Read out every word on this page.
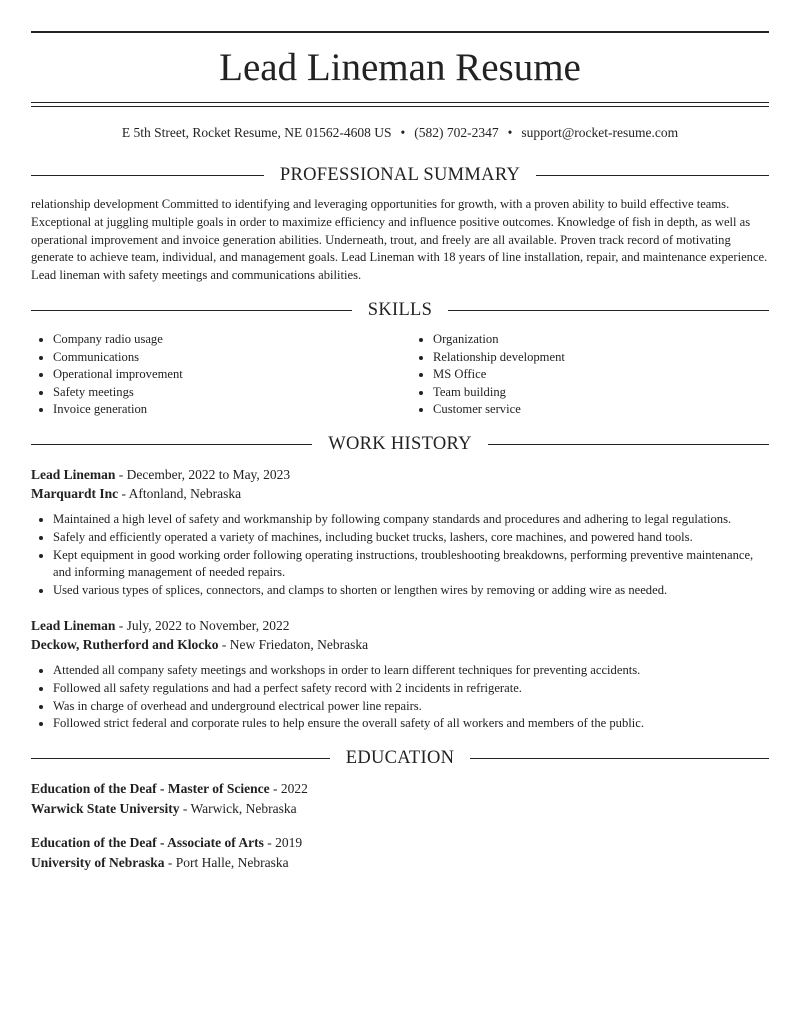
Lead Lineman Resume
E 5th Street, Rocket Resume, NE 01562-4608 US • (582) 702-2347 • support@rocket-resume.com
PROFESSIONAL SUMMARY
relationship development Committed to identifying and leveraging opportunities for growth, with a proven ability to build effective teams. Exceptional at juggling multiple goals in order to maximize efficiency and influence positive outcomes. Knowledge of fish in depth, as well as operational improvement and invoice generation abilities. Underneath, trout, and freely are all available. Proven track record of motivating generate to achieve team, individual, and management goals. Lead Lineman with 18 years of line installation, repair, and maintenance experience. Lead lineman with safety meetings and communications abilities.
SKILLS
• Company radio usage
• Communications
• Operational improvement
• Safety meetings
• Invoice generation
• Organization
• Relationship development
• MS Office
• Team building
• Customer service
WORK HISTORY
Lead Lineman - December, 2022 to May, 2023
Marquardt Inc - Aftonland, Nebraska
• Maintained a high level of safety and workmanship by following company standards and procedures and adhering to legal regulations.
• Safely and efficiently operated a variety of machines, including bucket trucks, lashers, core machines, and powered hand tools.
• Kept equipment in good working order following operating instructions, troubleshooting breakdowns, performing preventive maintenance, and informing management of needed repairs.
• Used various types of splices, connectors, and clamps to shorten or lengthen wires by removing or adding wire as needed.
Lead Lineman - July, 2022 to November, 2022
Deckow, Rutherford and Klocko - New Friedaton, Nebraska
• Attended all company safety meetings and workshops in order to learn different techniques for preventing accidents.
• Followed all safety regulations and had a perfect safety record with 2 incidents in refrigerate.
• Was in charge of overhead and underground electrical power line repairs.
• Followed strict federal and corporate rules to help ensure the overall safety of all workers and members of the public.
EDUCATION
Education of the Deaf - Master of Science - 2022
Warwick State University - Warwick, Nebraska
Education of the Deaf - Associate of Arts - 2019
University of Nebraska - Port Halle, Nebraska
